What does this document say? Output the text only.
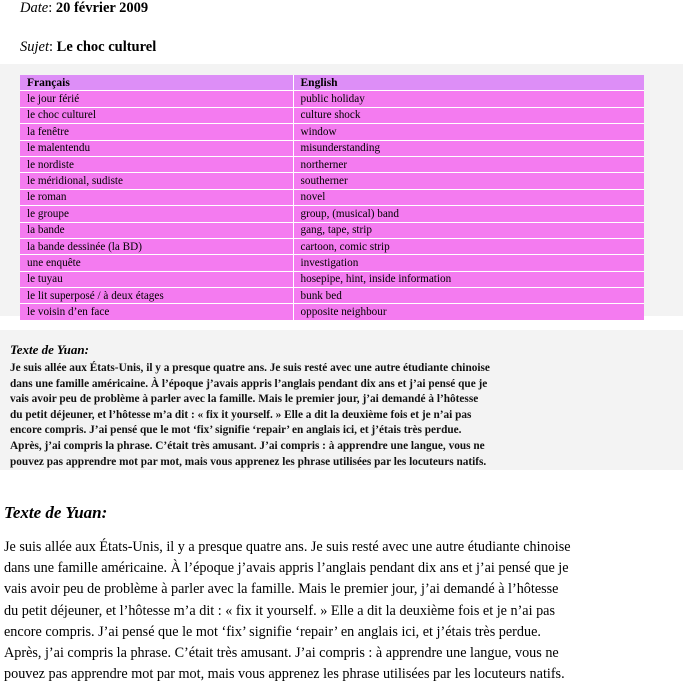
Date: 20 février 2009
Sujet: Le choc culturel
Français	English
le jour férié	public holiday
le choc culturel	culture shock
la fenêtre	window
le malentendu	misunderstanding
le nordiste	northerner
le méridional, sudiste	southerner
le roman	novel
le groupe	group, (musical) band
la bande	gang, tape, strip
la bande dessinée (la BD)	cartoon, comic strip
une enquête	investigation
le tuyau	hosepipe, hint, inside information
le lit superposé / à deux étages	bunk bed
le voisin d’en face	opposite neighbour
Texte de Yuan:
Je suis allée aux États-Unis, il y a presque quatre ans. Je suis resté avec une autre étudiante chinoise
dans une famille américaine. À l’époque j’avais appris l’anglais pendant dix ans et j’ai pensé que je
vais avoir peu de problème à parler avec la famille. Mais le premier jour, j’ai demandé à l’hôtesse
du petit déjeuner, et l’hôtesse m’a dit : « fix it yourself. » Elle a dit la deuxième fois et je n’ai pas
encore compris. J’ai pensé que le mot ‘fix’ signifie ‘repair’ en anglais ici, et j’étais très perdue.
Après, j’ai compris la phrase. C’était très amusant. J’ai compris : à apprendre une langue, vous ne
pouvez pas apprendre mot par mot, mais vous apprenez les phrase utilisées par les locuteurs natifs.
Texte de Yuan:
Je suis allée aux États-Unis, il y a presque quatre ans. Je suis resté avec une autre étudiante chinoise
dans une famille américaine. À l’époque j’avais appris l’anglais pendant dix ans et j’ai pensé que je
vais avoir peu de problème à parler avec la famille. Mais le premier jour, j’ai demandé à l’hôtesse
du petit déjeuner, et l’hôtesse m’a dit : « fix it yourself. » Elle a dit la deuxième fois et je n’ai pas
encore compris. J’ai pensé que le mot ‘fix’ signifie ‘repair’ en anglais ici, et j’étais très perdue.
Après, j’ai compris la phrase. C’était très amusant. J’ai compris : à apprendre une langue, vous ne
pouvez pas apprendre mot par mot, mais vous apprenez les phrase utilisées par les locuteurs natifs.
